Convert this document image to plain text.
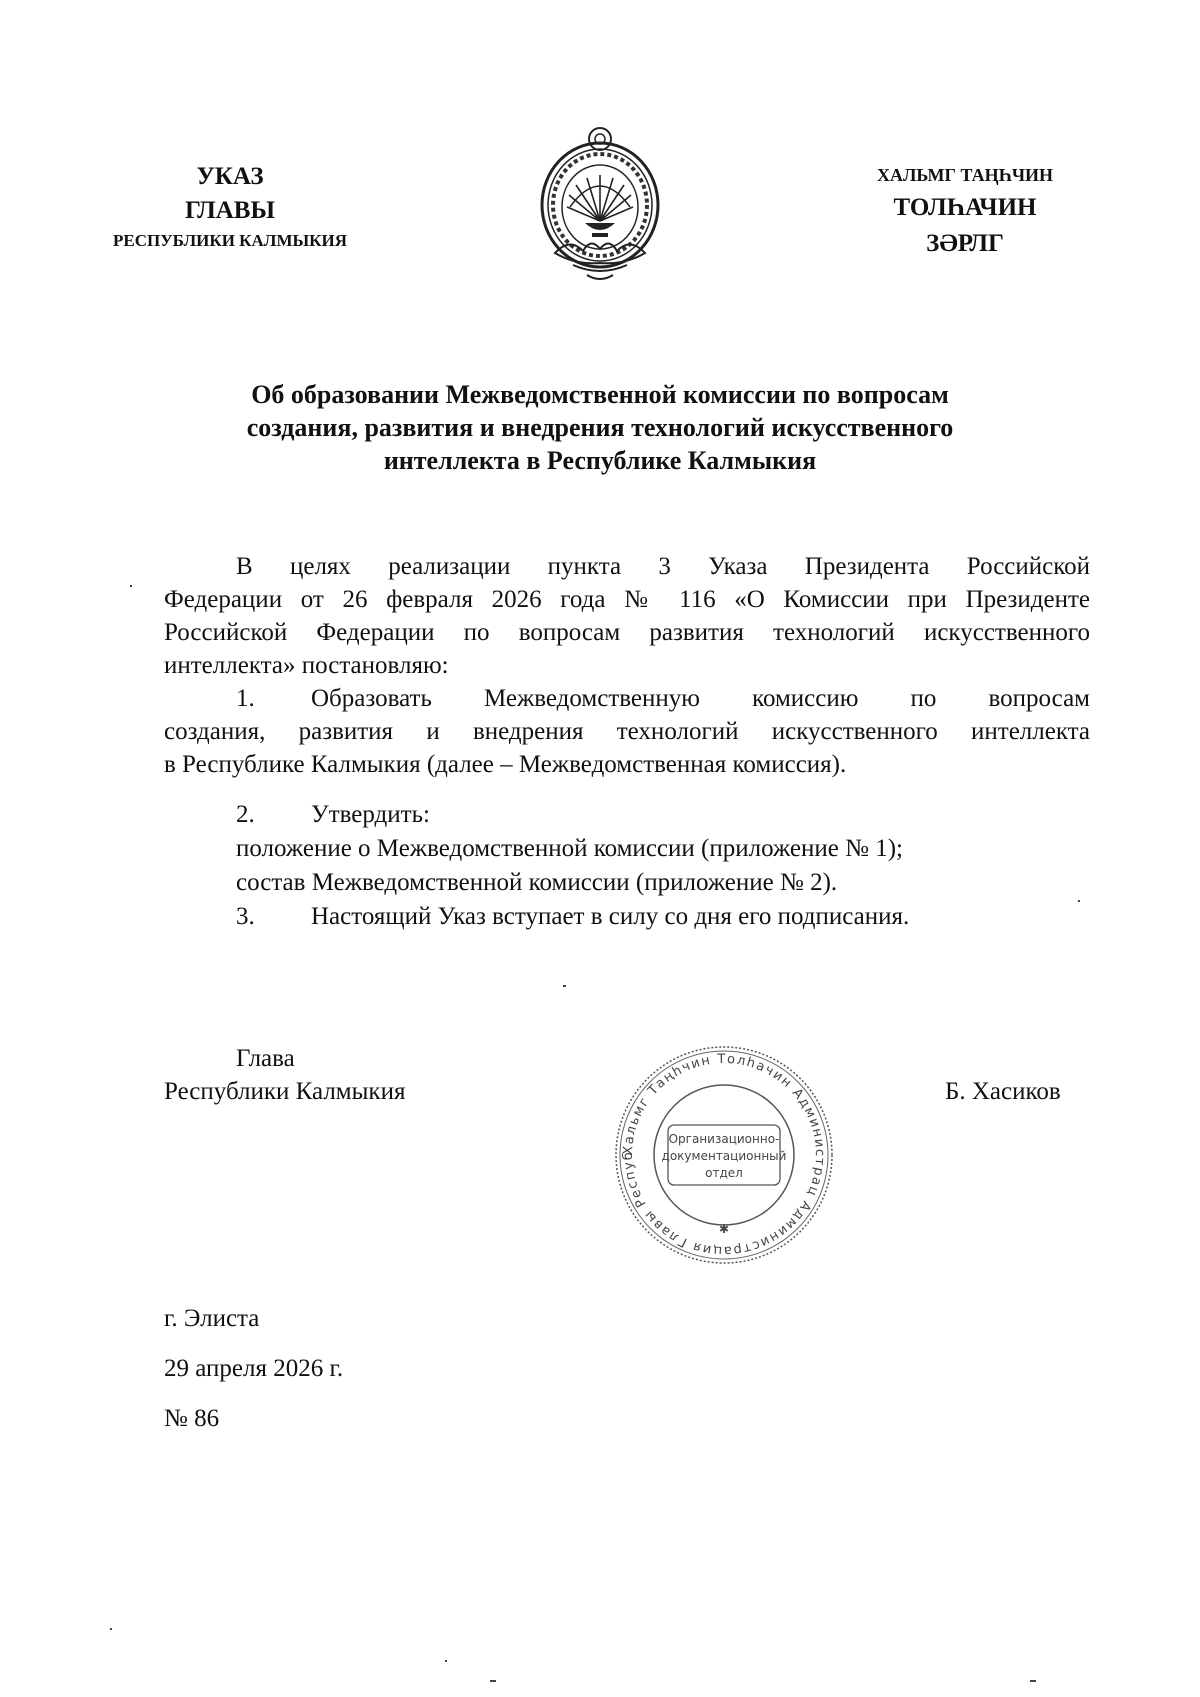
УКАЗ
ГЛАВЫ
РЕСПУБЛИКИ КАЛМЫКИЯ
ХАЛЬМГ ТАҢҺЧИН
ТОЛҺАЧИН
ЗӘРЛГ
Об образовании Межведомственной комиссии по вопросам
создания, развития и внедрения технологий искусственного
интеллекта в Республике Калмыкия
В целях реализации пункта 3 Указа Президента Российской
Федерации от 26 февраля 2026 года № 116 «О Комиссии при Президенте
Российской Федерации по вопросам развития технологий искусственного
интеллекта» постановляю:
1. Образовать Межведомственную комиссию по вопросам
создания, развития и внедрения технологий искусственного интеллекта
в Республике Калмыкия (далее – Межведомственная комиссия).
2. Утвердить:
положение о Межведомственной комиссии (приложение № 1);
состав Межведомственной комиссии (приложение № 2).
3. Настоящий Указ вступает в силу со дня его подписания.
Глава
Республики Калмыкия
Хальмг Таңһчин Толһачин Администрац Администрация Главы Респуб
Организационно-
документационный
отдел
✱
Б. Хасиков
г. Элиста
29 апреля 2026 г.
№ 86
